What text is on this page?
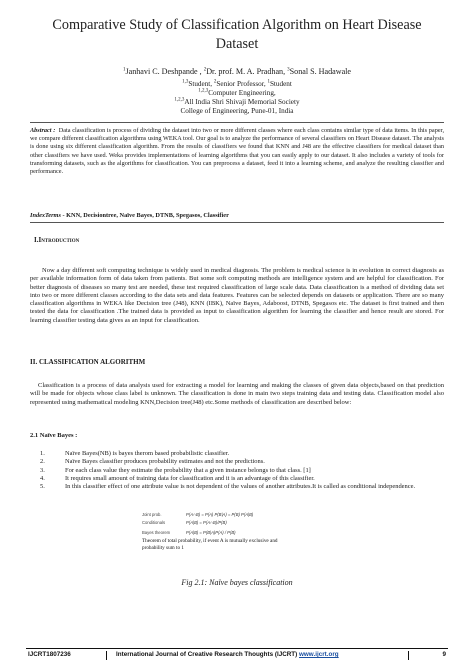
Comparative Study of Classification Algorithm on Heart Disease
Dataset
$^1$Janhavi C. Deshpande , $^2$Dr. prof. M. A. Pradhan, $^3$Sonal S. Hadawale
$^{1,3}$Student, $^2$Senior Professor, $^1$Student
$^{1,2,3}$Computer Engineering,
$^{1,2,3}$All India Shri Shivaji Memorial Society
College of Engineering, Pune-01, India
Abstract : Data classification is process of dividing the dataset into two or more different classes where each class contains similar type of data items. In this paper, we compare different classification algorithms using WEKA tool. Our goal is to analyze the performance of several classifiers on Heart Disease dataset. The analysis is done using six different classification algorithm. From the results of classifiers we found that KNN and J48 are the effective classifiers for medical dataset than other classifiers we have used. Weka provides implementations of learning algorithms that you can easily apply to our dataset. It also includes a variety of tools for transforming datasets, such as the algorithms for classification. You can preprocess a dataset, feed it into a learning scheme, and analyze the resulting classifier and performance.
IndexTerms - KNN, Decisiontree, Naïve Bayes, DTNB, Spegasos, Classifier
I.Introduction
Now a day different soft computing technique is widely used in medical diagnosis. The problem is medical science is in evolution in correct diagnosis as per available information form of data taken from patients. But some soft computing methods are intelligence system and are helpful for classification. For better diagnosis of diseases so many test are needed, these test required classification of large scale data. Data classification is a method of dividing data set into two or more different classes according to the data sets and data features. Features can be selected depends on datasets or application. There are so many classification algorithms in WEKA like Decision tree (J48), KNN (IBK), Naïve Bayes, Adaboost, DTNB, Spegasos etc. The dataset is first trained and then tested the data for classification .The trained data is provided as input to classification algorithm for learning the classifier and hence result are stored. For learning classifier testing data gives as an input for classification.
II. CLASSIFICATION ALGORITHM
Classification is a process of data analysis used for extracting a model for learning and making the classes of given data objects,based on that prediction will be made for objects whose class label is unknown. The classification is done in main two steps training data and testing data. Classification model also represented using mathematical modeling KNN,Decision tree(J48) etc.Some methods of classification are described below:
2.1 Naïve Bayes :
1.	Naïve Bayes(NB) is bayes therom based probabilistic classifier.
2.	Naïve Bayes classifier produces probability estimates and not the predictions.
3.	For each class value they estimate the probability that a given instance belongs to that class. [1]
4.	It requires small amount of training data for classification and it is an advantage of this classifier.
5.	In this classifier effect of one attribute value is not dependent of the values of another attributes.It is called as conditional independence.
Joint prob.	P(A∩B) = P(A) P(B|A) = P(B) P(A|B)
Conditionals	P(A|B) = P(A∩B)/P(B)
Bayes theorem	P(A|B) = P(B|A)P(A) / P(B)
Theorem of total probability, if event A is mutually exclusive and
probability sum to 1
Fig 2.1: Naïve bayes classification
IJCRT1807236	International Journal of Creative Research Thoughts (IJCRT) www.ijcrt.org	9
